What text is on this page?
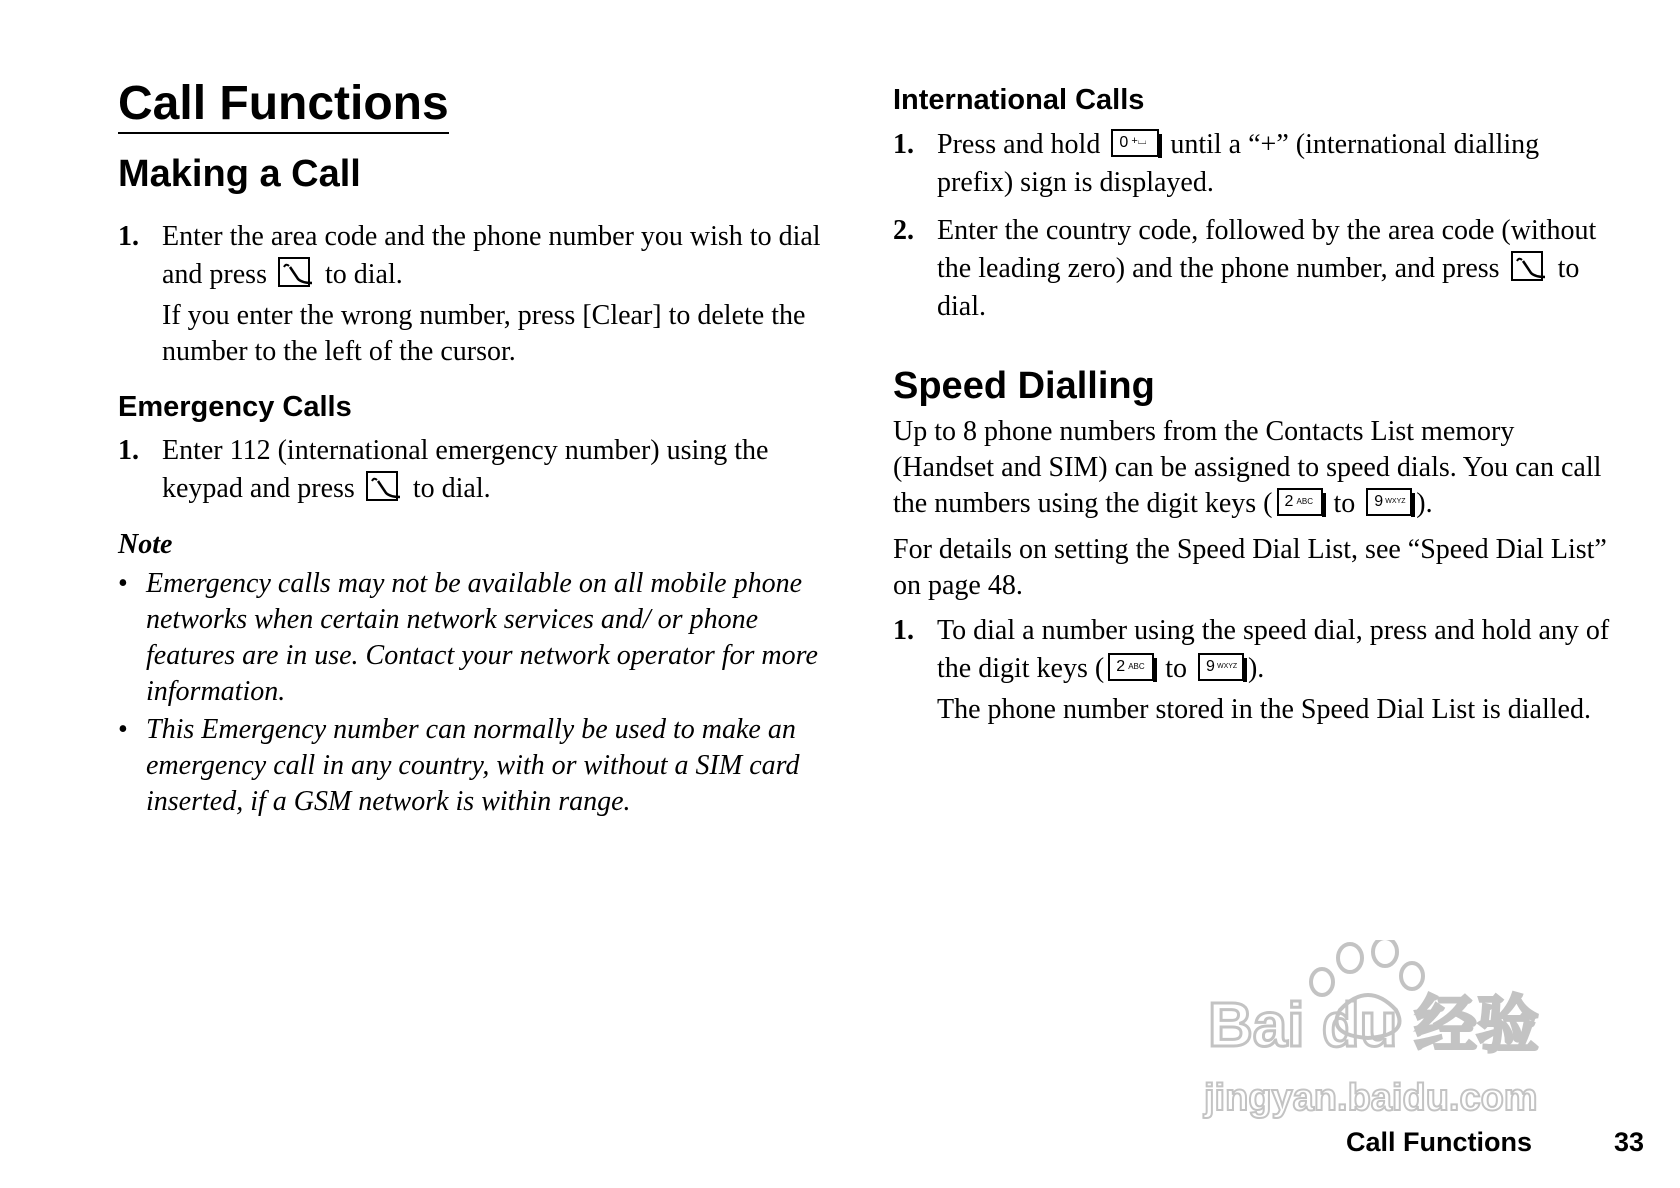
Call Functions
Making a Call
1. Enter the area code and the phone number you wish to dial and press to dial.
If you enter the wrong number, press [Clear] to delete the number to the left of the cursor.
Emergency Calls
1. Enter 112 (international emergency number) using the keypad and press to dial.
Note
• Emergency calls may not be available on all mobile phone networks when certain network services and/ or phone features are in use. Contact your network operator for more information.
• This Emergency number can normally be used to make an emergency call in any country, with or without a SIM card inserted, if a GSM network is within range.
International Calls
1. Press and hold 0 +⌴ until a “+” (international dialling prefix) sign is displayed.
2. Enter the country code, followed by the area code (without the leading zero) and the phone number, and press to dial.
Speed Dialling
Up to 8 phone numbers from the Contacts List memory (Handset and SIM) can be assigned to speed dials. You can call the numbers using the digit keys ( 2 ABC to 9 WXYZ ).
For details on setting the Speed Dial List, see “Speed Dial List” on page 48.
1. To dial a number using the speed dial, press and hold any of the digit keys ( 2 ABC to 9 WXYZ ).
The phone number stored in the Speed Dial List is dialled.
Bai du 经验
jingyan.baidu.com
Call Functions	33
